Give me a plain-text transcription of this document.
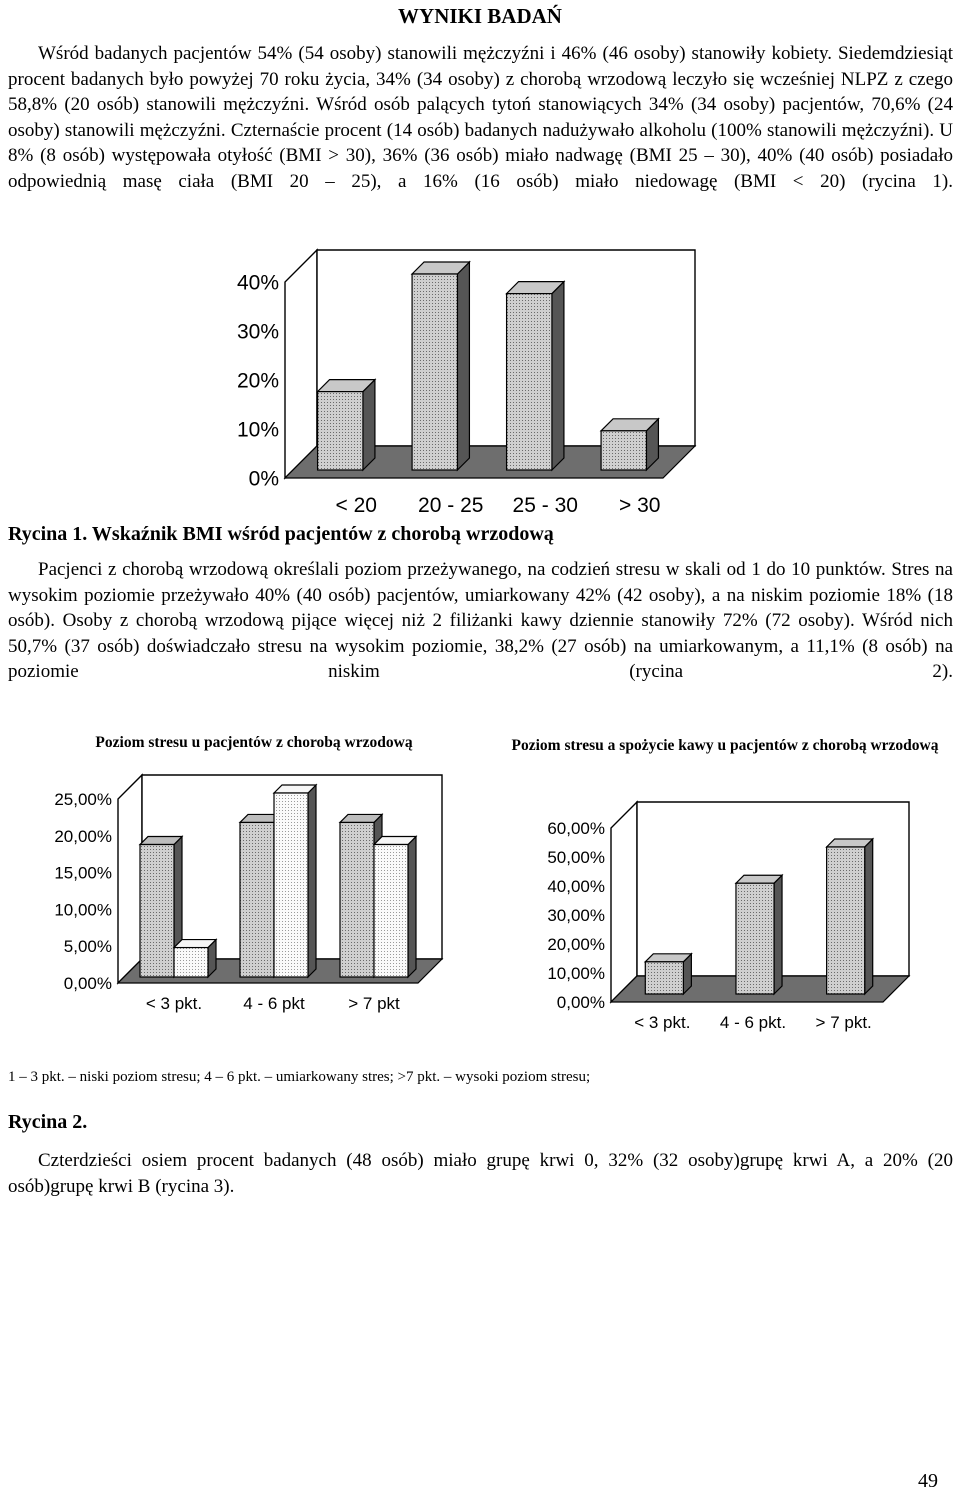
WYNIKI BADAŃ
Wśród badanych pacjentów 54% (54 osoby) stanowili mężczyźni i 46% (46 osoby) stanowiły kobiety. Siedemdziesiąt procent badanych było powyżej 70 roku życia, 34% (34 osoby) z chorobą wrzodową leczyło się wcześniej NLPZ z czego 58,8% (20 osób) stanowili mężczyźni. Wśród osób palących tytoń stanowiących 34% (34 osoby) pacjentów, 70,6% (24 osoby) stanowili mężczyźni. Czternaście procent (14 osób) badanych nadużywało alkoholu (100% stanowili mężczyźni). U 8% (8 osób) występowała otyłość (BMI > 30), 36% (36 osób) miało nadwagę (BMI 25 – 30), 40% (40 osób) posiadało odpowiednią masę ciała (BMI 20 – 25), a 16% (16 osób) miało niedowagę (BMI < 20) (rycina 1).
0%
10%
20%
30%
40%
< 20 20 - 25 25 - 30 > 30
Rycina 1. Wskaźnik BMI wśród pacjentów z chorobą wrzodową
Pacjenci z chorobą wrzodową określali poziom przeżywanego, na codzień stresu w skali od 1 do 10 punktów. Stres na wysokim poziomie przeżywało 40% (40 osób) pacjentów, umiarkowany 42% (42 osoby), a na niskim poziomie 18% (18 osób). Osoby z chorobą wrzodową pijące więcej niż 2 filiżanki kawy dziennie stanowiły 72% (72 osoby). Wśród nich 50,7% (37 osób) doświadczało stresu na wysokim poziomie, 38,2% (27 osób) na umiarkowanym, a 11,1% (8 osób) na poziomie niskim (rycina 2).
Poziom stresu u pacjentów z chorobą wrzodową	Poziom stresu a spożycie kawy u pacjentów z chorobą wrzodową
0,00%
5,00%
10,00%
15,00%
20,00%
25,00%
< 3 pkt. 4 - 6 pkt	> 7 pkt	0,00%
10,00%
20,00%
30,00%
40,00%
50,00%
60,00%
< 3 pkt. 4 - 6 pkt. > 7 pkt.
1 – 3 pkt. – niski poziom stresu; 4 – 6 pkt. – umiarkowany stres; >7 pkt. – wysoki poziom stresu;
Rycina 2.
Czterdzieści osiem procent badanych (48 osób) miało grupę krwi 0, 32% (32 osoby)grupę krwi A, a 20% (20 osób)grupę krwi B (rycina 3).
49
